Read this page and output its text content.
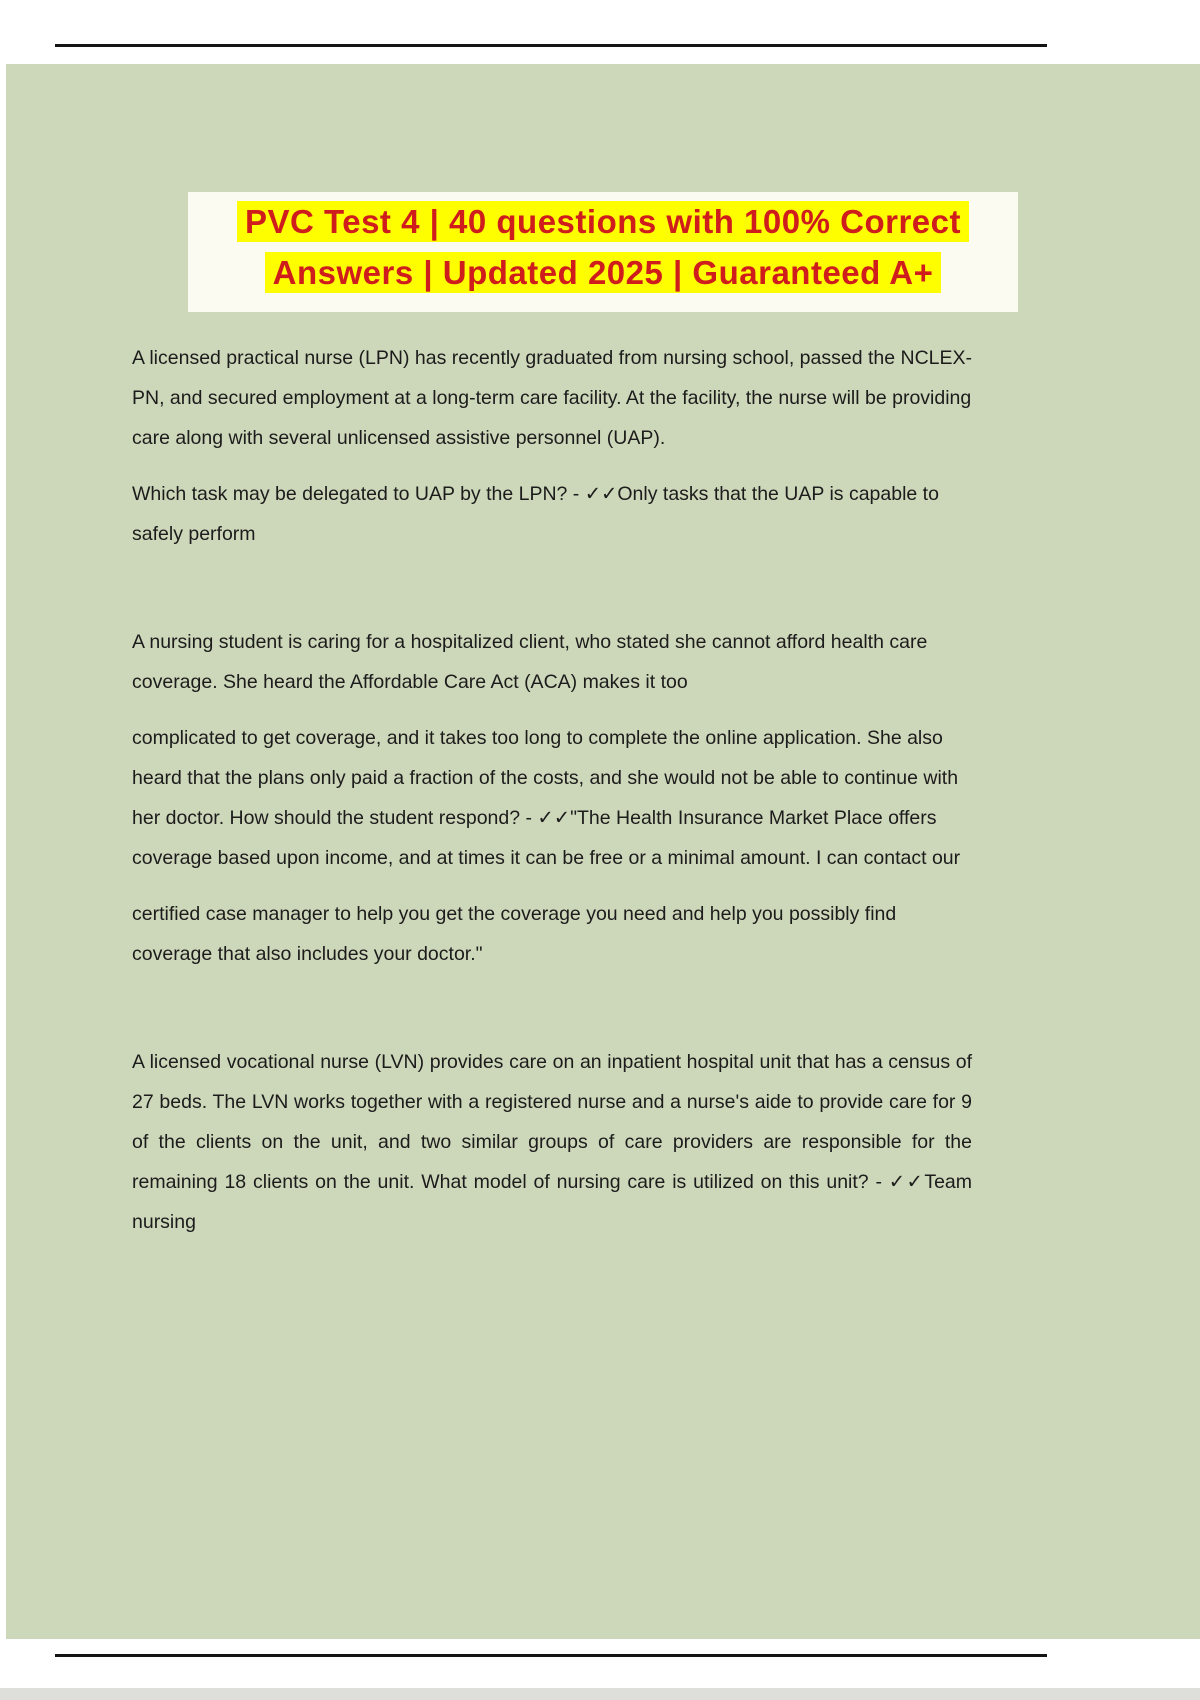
PVC Test 4 | 40 questions with 100% Correct
Answers | Updated 2025 | Guaranteed A+

A licensed practical nurse (LPN) has recently graduated from nursing school, passed the NCLEX-PN, and secured employment at a long-term care facility. At the facility, the nurse will be providing care along with several unlicensed assistive personnel (UAP).

Which task may be delegated to UAP by the LPN? - ✓✓Only tasks that the UAP is capable to safely perform

A nursing student is caring for a hospitalized client, who stated she cannot afford health care coverage. She heard the Affordable Care Act (ACA) makes it too

complicated to get coverage, and it takes too long to complete the online application. She also heard that the plans only paid a fraction of the costs, and she would not be able to continue with her doctor. How should the student respond? - ✓✓"The Health Insurance Market Place offers coverage based upon income, and at times it can be free or a minimal amount. I can contact our

certified case manager to help you get the coverage you need and help you possibly find coverage that also includes your doctor."

A licensed vocational nurse (LVN) provides care on an inpatient hospital unit that has a census of 27 beds. The LVN works together with a registered nurse and a nurse's aide to provide care for 9 of the clients on the unit, and two similar groups of care providers are responsible for the remaining 18 clients on the unit. What model of nursing care is utilized on this unit? - ✓✓Team nursing
